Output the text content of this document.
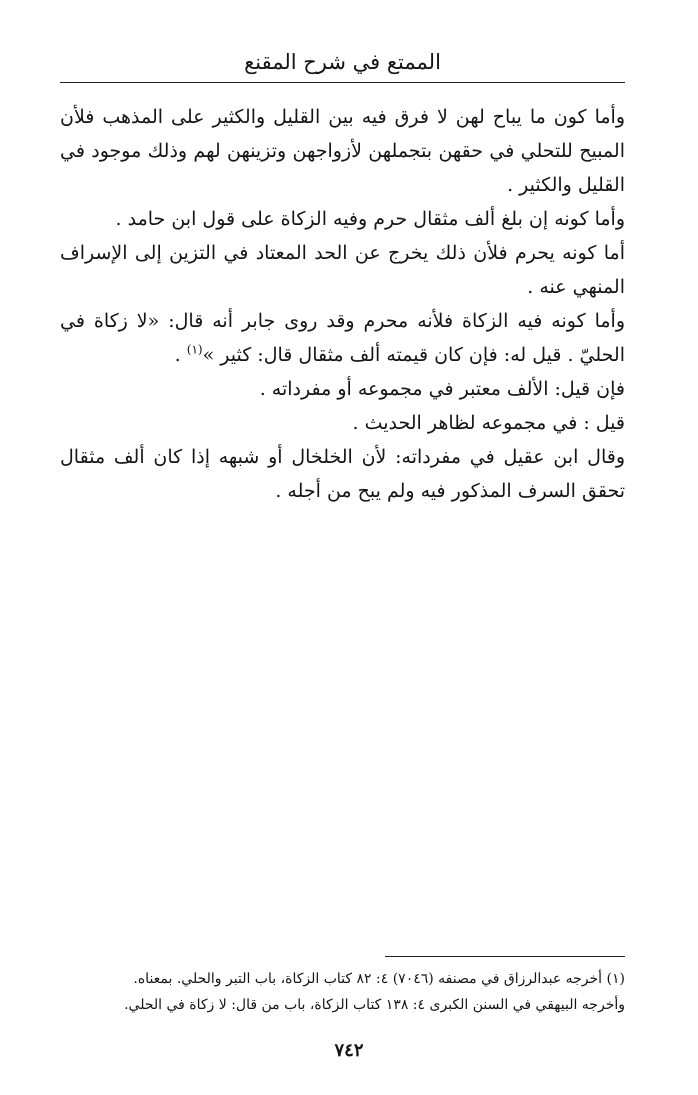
الممتع في شرح المقنع

وأما كون ما يباح لهن لا فرق فيه بين القليل والكثير على المذهب فلأن المبيح للتحلي في حقهن بتجملهن لأزواجهن وتزينهن لهم وذلك موجود في القليل والكثير .

وأما كونه إن بلغ ألف مثقال حرم وفيه الزكاة على قول ابن حامد .

أما كونه يحرم فلأن ذلك يخرج عن الحد المعتاد في التزين إلى الإسراف المنهي عنه .

وأما كونه فيه الزكاة فلأنه محرم وقد روى جابر أنه قال: «لا زكاة في الحليّ . قيل له: فإن كان قيمته ألف مثقال قال: كثير »$^{(١)}$ .

فإن قيل: الألف معتبر في مجموعه أو مفرداته .

قيل : في مجموعه لظاهر الحديث .

وقال ابن عقيل في مفرداته: لأن الخلخال أو شبهه إذا كان ألف مثقال تحقق السرف المذكور فيه ولم يبح من أجله .

(١) أخرجه عبدالرزاق في مصنفه (٧٠٤٦) ٤: ٨٢ كتاب الزكاة، باب التبر والحلي. بمعناه.

وأخرجه البيهقي في السنن الكبرى ٤: ١٣٨ كتاب الزكاة، باب من قال: لا زكاة في الحلي.

٧٤٢
